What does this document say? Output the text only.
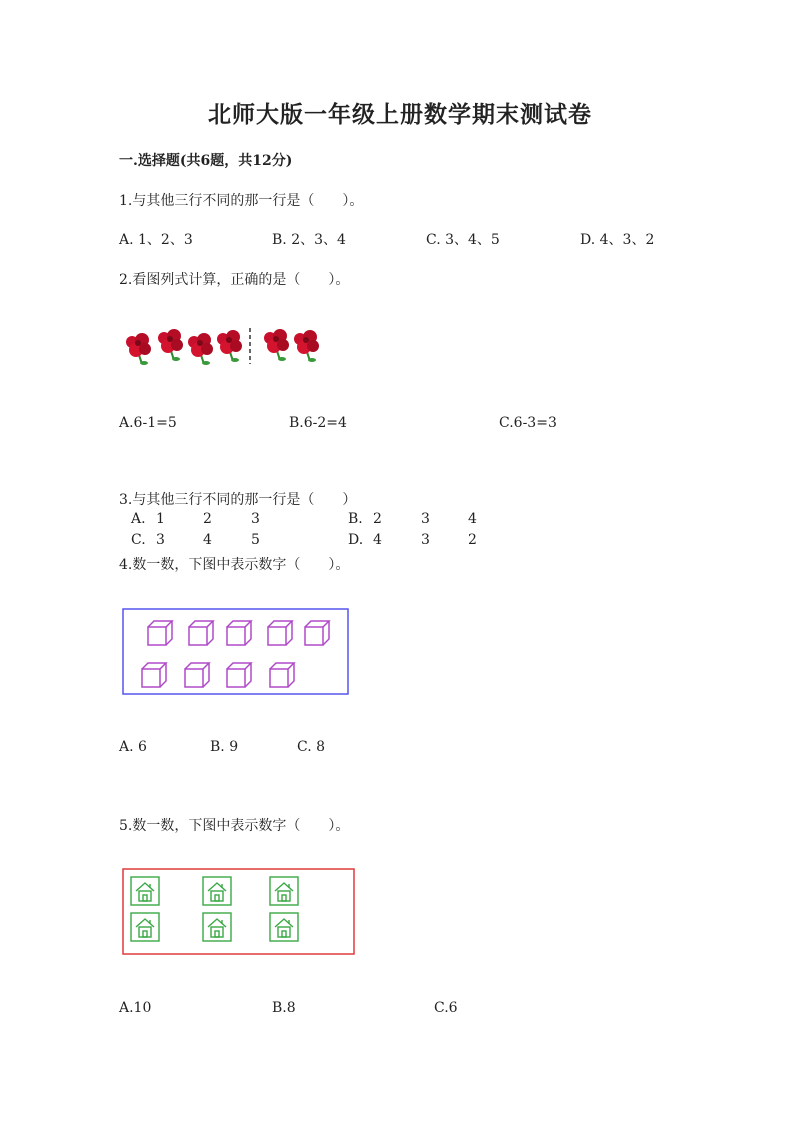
北师大版一年级上册数学期末测试卷
一.选择题(共6题，共12分)
1.与其他三行不同的那一行是（　　）。
A. 1、2、3	B. 2、3、4	C. 3、4、5	D. 4、3、2
2.看图列式计算，正确的是（　　）。
A.6-1=5	B.6-2=4	C.6-3=3
3.与其他三行不同的那一行是（　　）
A. 1	2	3	B. 2	3	4
C. 3	4	5	D. 4	3	2
4.数一数，下图中表示数字（　　）。
A. 6	B. 9	C. 8
5.数一数，下图中表示数字（　　）。
A.10	B.8	C.6
